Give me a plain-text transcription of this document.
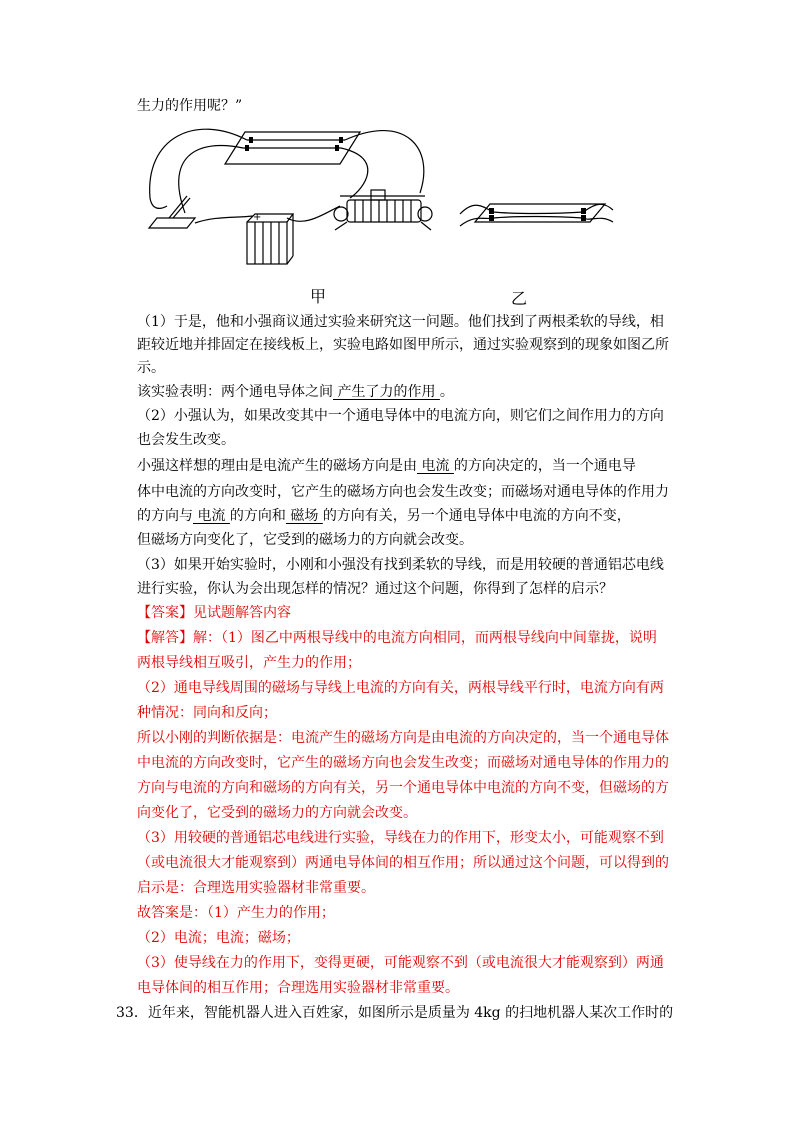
生力的作用呢？”
+
甲	乙
（1）于是，他和小强商议通过实验来研究这一问题。他们找到了两根柔软的导线，相
距较近地并排固定在接线板上，实验电路如图甲所示，通过实验观察到的现象如图乙所
示。
该实验表明：两个通电导体之间 产生了力的作用 。
（2）小强认为，如果改变其中一个通电导体中的电流方向，则它们之间作用力的方向
也会发生改变。
小强这样想的理由是电流产生的磁场方向是由 电流 的方向决定的，当一个通电导
体中电流的方向改变时，它产生的磁场方向也会发生改变；而磁场对通电导体的作用力
的方向与 电流 的方向和 磁场 的方向有关，另一个通电导体中电流的方向不变，
但磁场方向变化了，它受到的磁场力的方向就会改变。
（3）如果开始实验时，小刚和小强没有找到柔软的导线，而是用较硬的普通铝芯电线
进行实验，你认为会出现怎样的情况？通过这个问题，你得到了怎样的启示？
【答案】见试题解答内容
【解答】解：（1）图乙中两根导线中的电流方向相同，而两根导线向中间靠拢，说明
两根导线相互吸引，产生力的作用；
（2）通电导线周围的磁场与导线上电流的方向有关，两根导线平行时，电流方向有两
种情况：同向和反向；
所以小刚的判断依据是：电流产生的磁场方向是由电流的方向决定的，当一个通电导体
中电流的方向改变时，它产生的磁场方向也会发生改变；而磁场对通电导体的作用力的
方向与电流的方向和磁场的方向有关，另一个通电导体中电流的方向不变，但磁场的方
向变化了，它受到的磁场力的方向就会改变。
（3）用较硬的普通铝芯电线进行实验，导线在力的作用下，形变太小，可能观察不到
（或电流很大才能观察到）两通电导体间的相互作用；所以通过这个问题，可以得到的
启示是：合理选用实验器材非常重要。
故答案是：（1）产生力的作用；
（2）电流；电流；磁场；
（3）使导线在力的作用下，变得更硬，可能观察不到（或电流很大才能观察到）两通
电导体间的相互作用；合理选用实验器材非常重要。
33．近年来，智能机器人进入百姓家，如图所示是质量为 4kg 的扫地机器人某次工作时的
